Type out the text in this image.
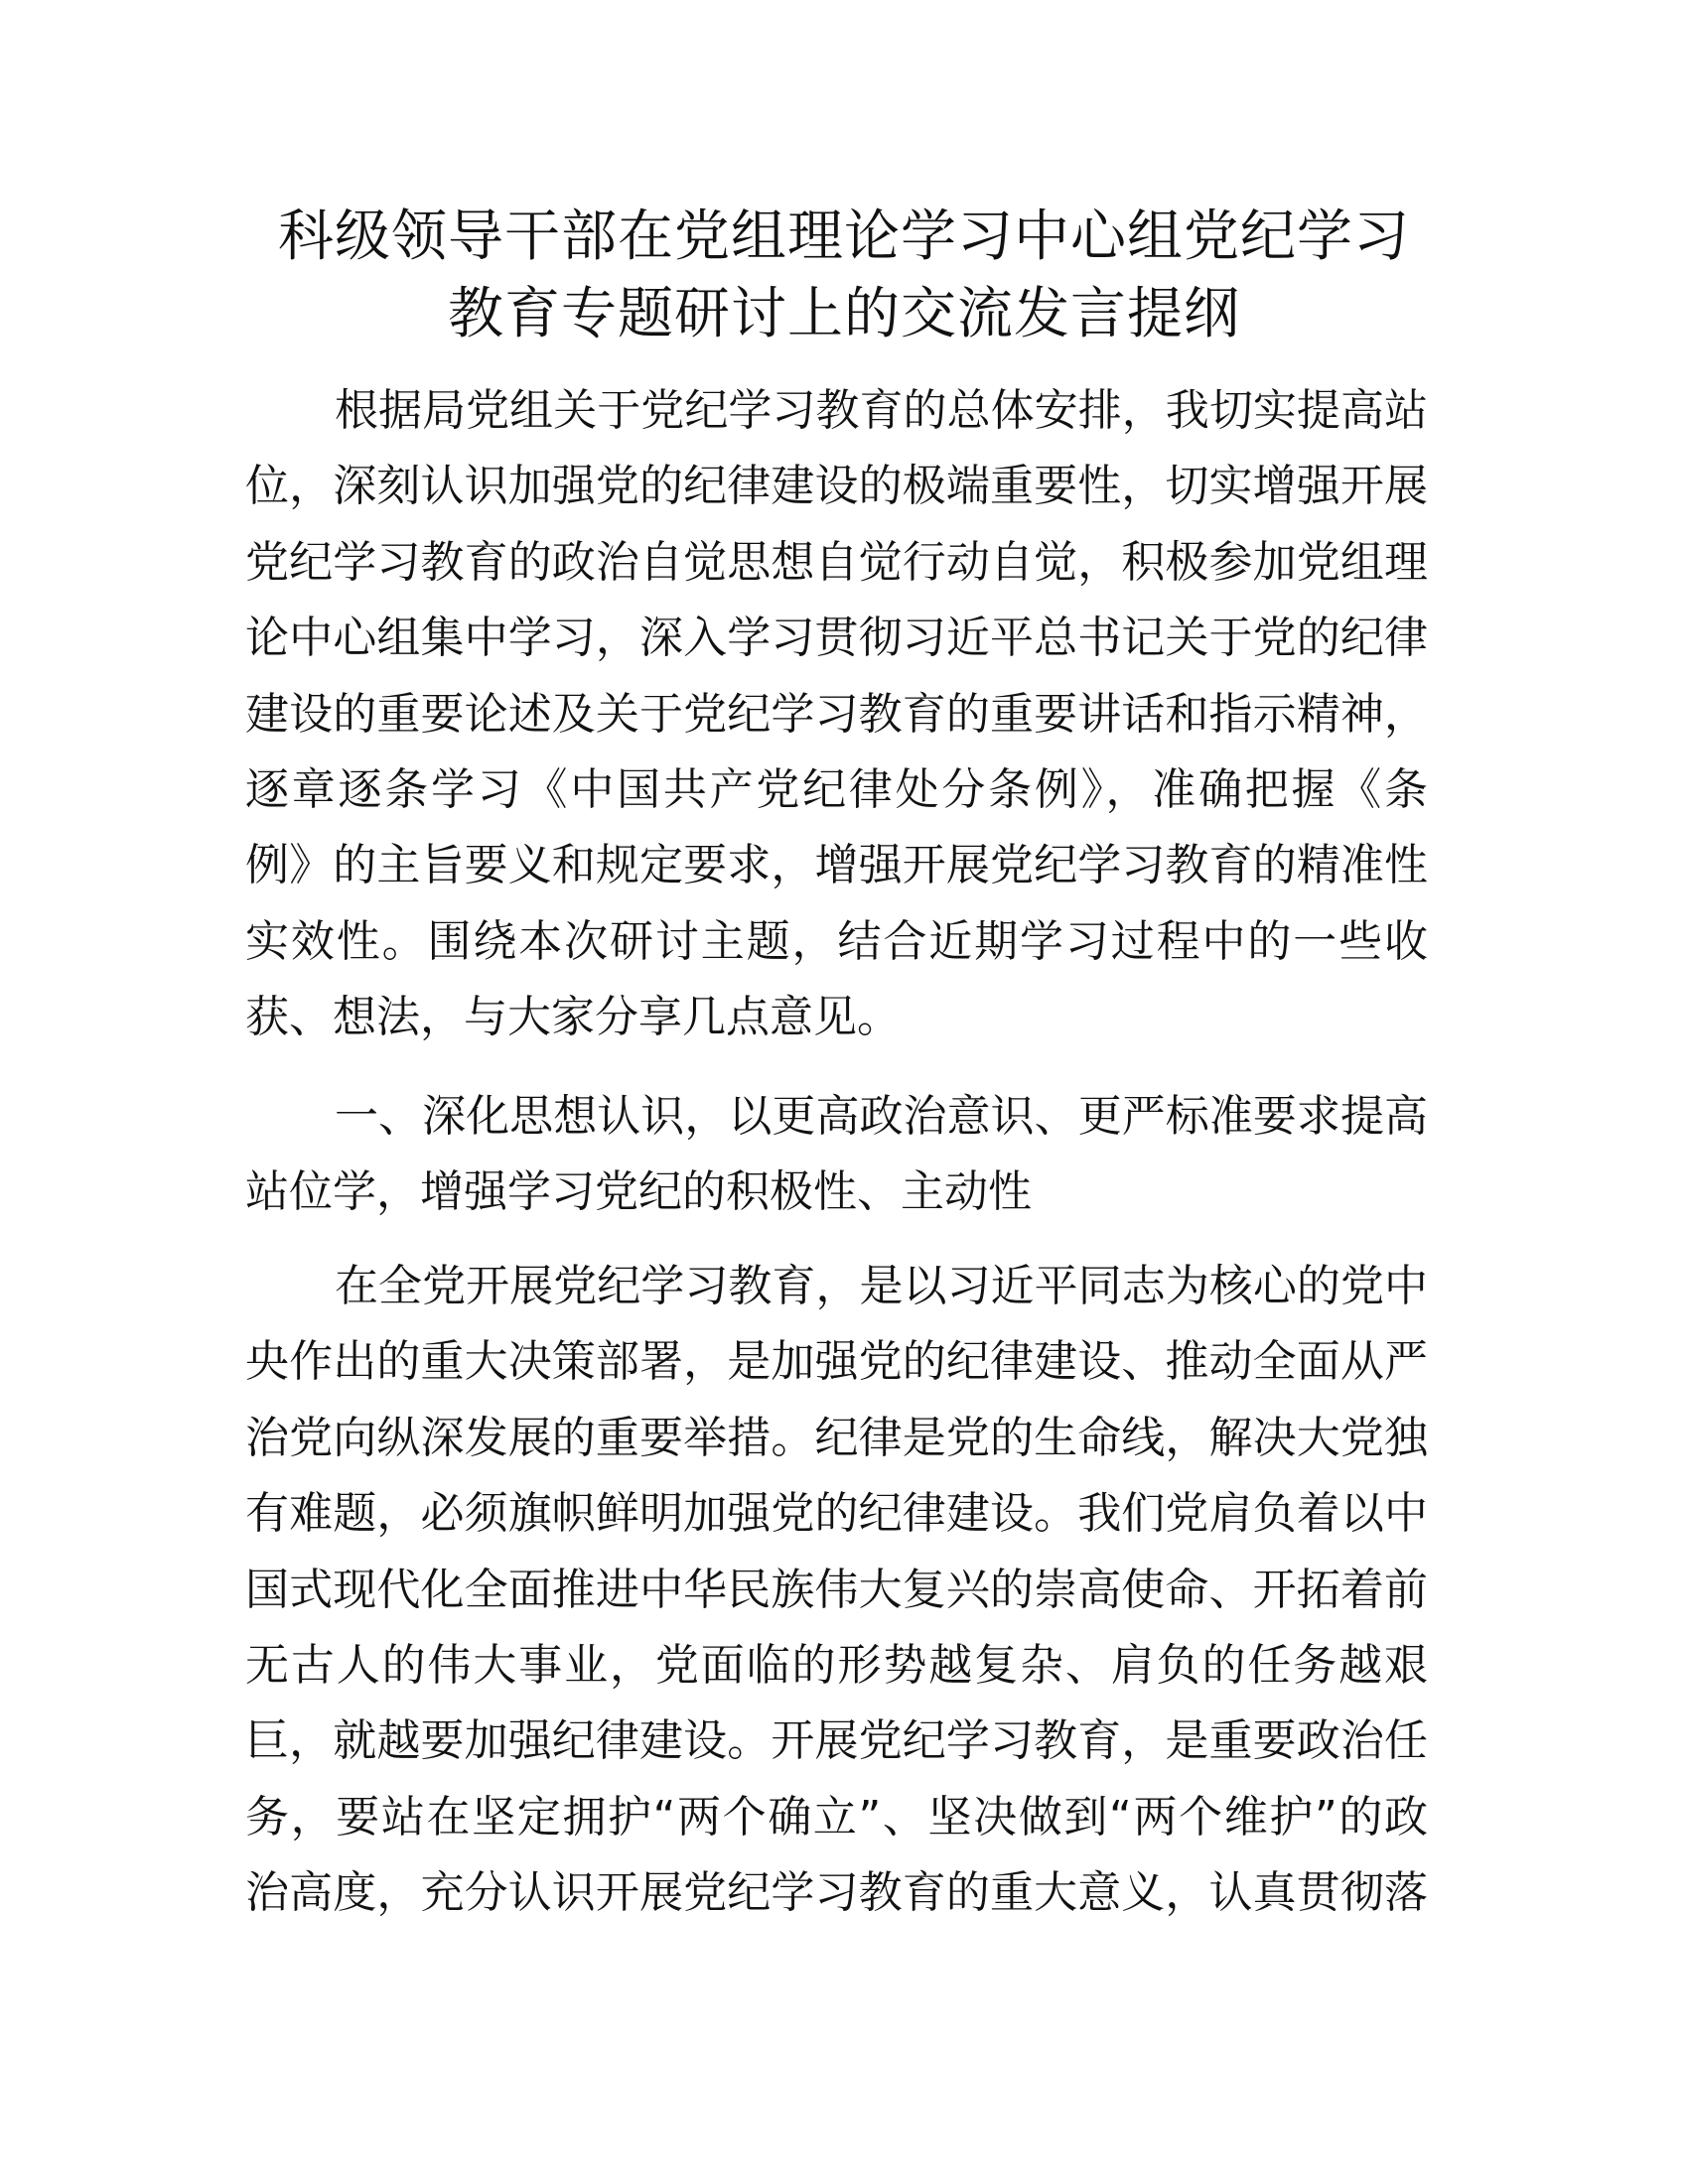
科级领导干部在党组理论学习中心组党纪学习
教育专题研讨上的交流发言提纲
根据局党组关于党纪学习教育的总体安排，我切实提高站
位，深刻认识加强党的纪律建设的极端重要性，切实增强开展
党纪学习教育的政治自觉思想自觉行动自觉，积极参加党组理
论中心组集中学习，深入学习贯彻习近平总书记关于党的纪律
建设的重要论述及关于党纪学习教育的重要讲话和指示精神，
逐章逐条学习《中国共产党纪律处分条例》，准确把握《条
例》的主旨要义和规定要求，增强开展党纪学习教育的精准性
实效性。围绕本次研讨主题，结合近期学习过程中的一些收
获、想法，与大家分享几点意见。
一、深化思想认识，以更高政治意识、更严标准要求提高
站位学，增强学习党纪的积极性、主动性
在全党开展党纪学习教育，是以习近平同志为核心的党中
央作出的重大决策部署，是加强党的纪律建设、推动全面从严
治党向纵深发展的重要举措。纪律是党的生命线，解决大党独
有难题，必须旗帜鲜明加强党的纪律建设。我们党肩负着以中
国式现代化全面推进中华民族伟大复兴的崇高使命、开拓着前
无古人的伟大事业，党面临的形势越复杂、肩负的任务越艰
巨，就越要加强纪律建设。开展党纪学习教育，是重要政治任
务，要站在坚定拥护“两个确立”、坚决做到“两个维护”的政
治高度，充分认识开展党纪学习教育的重大意义，认真贯彻落
